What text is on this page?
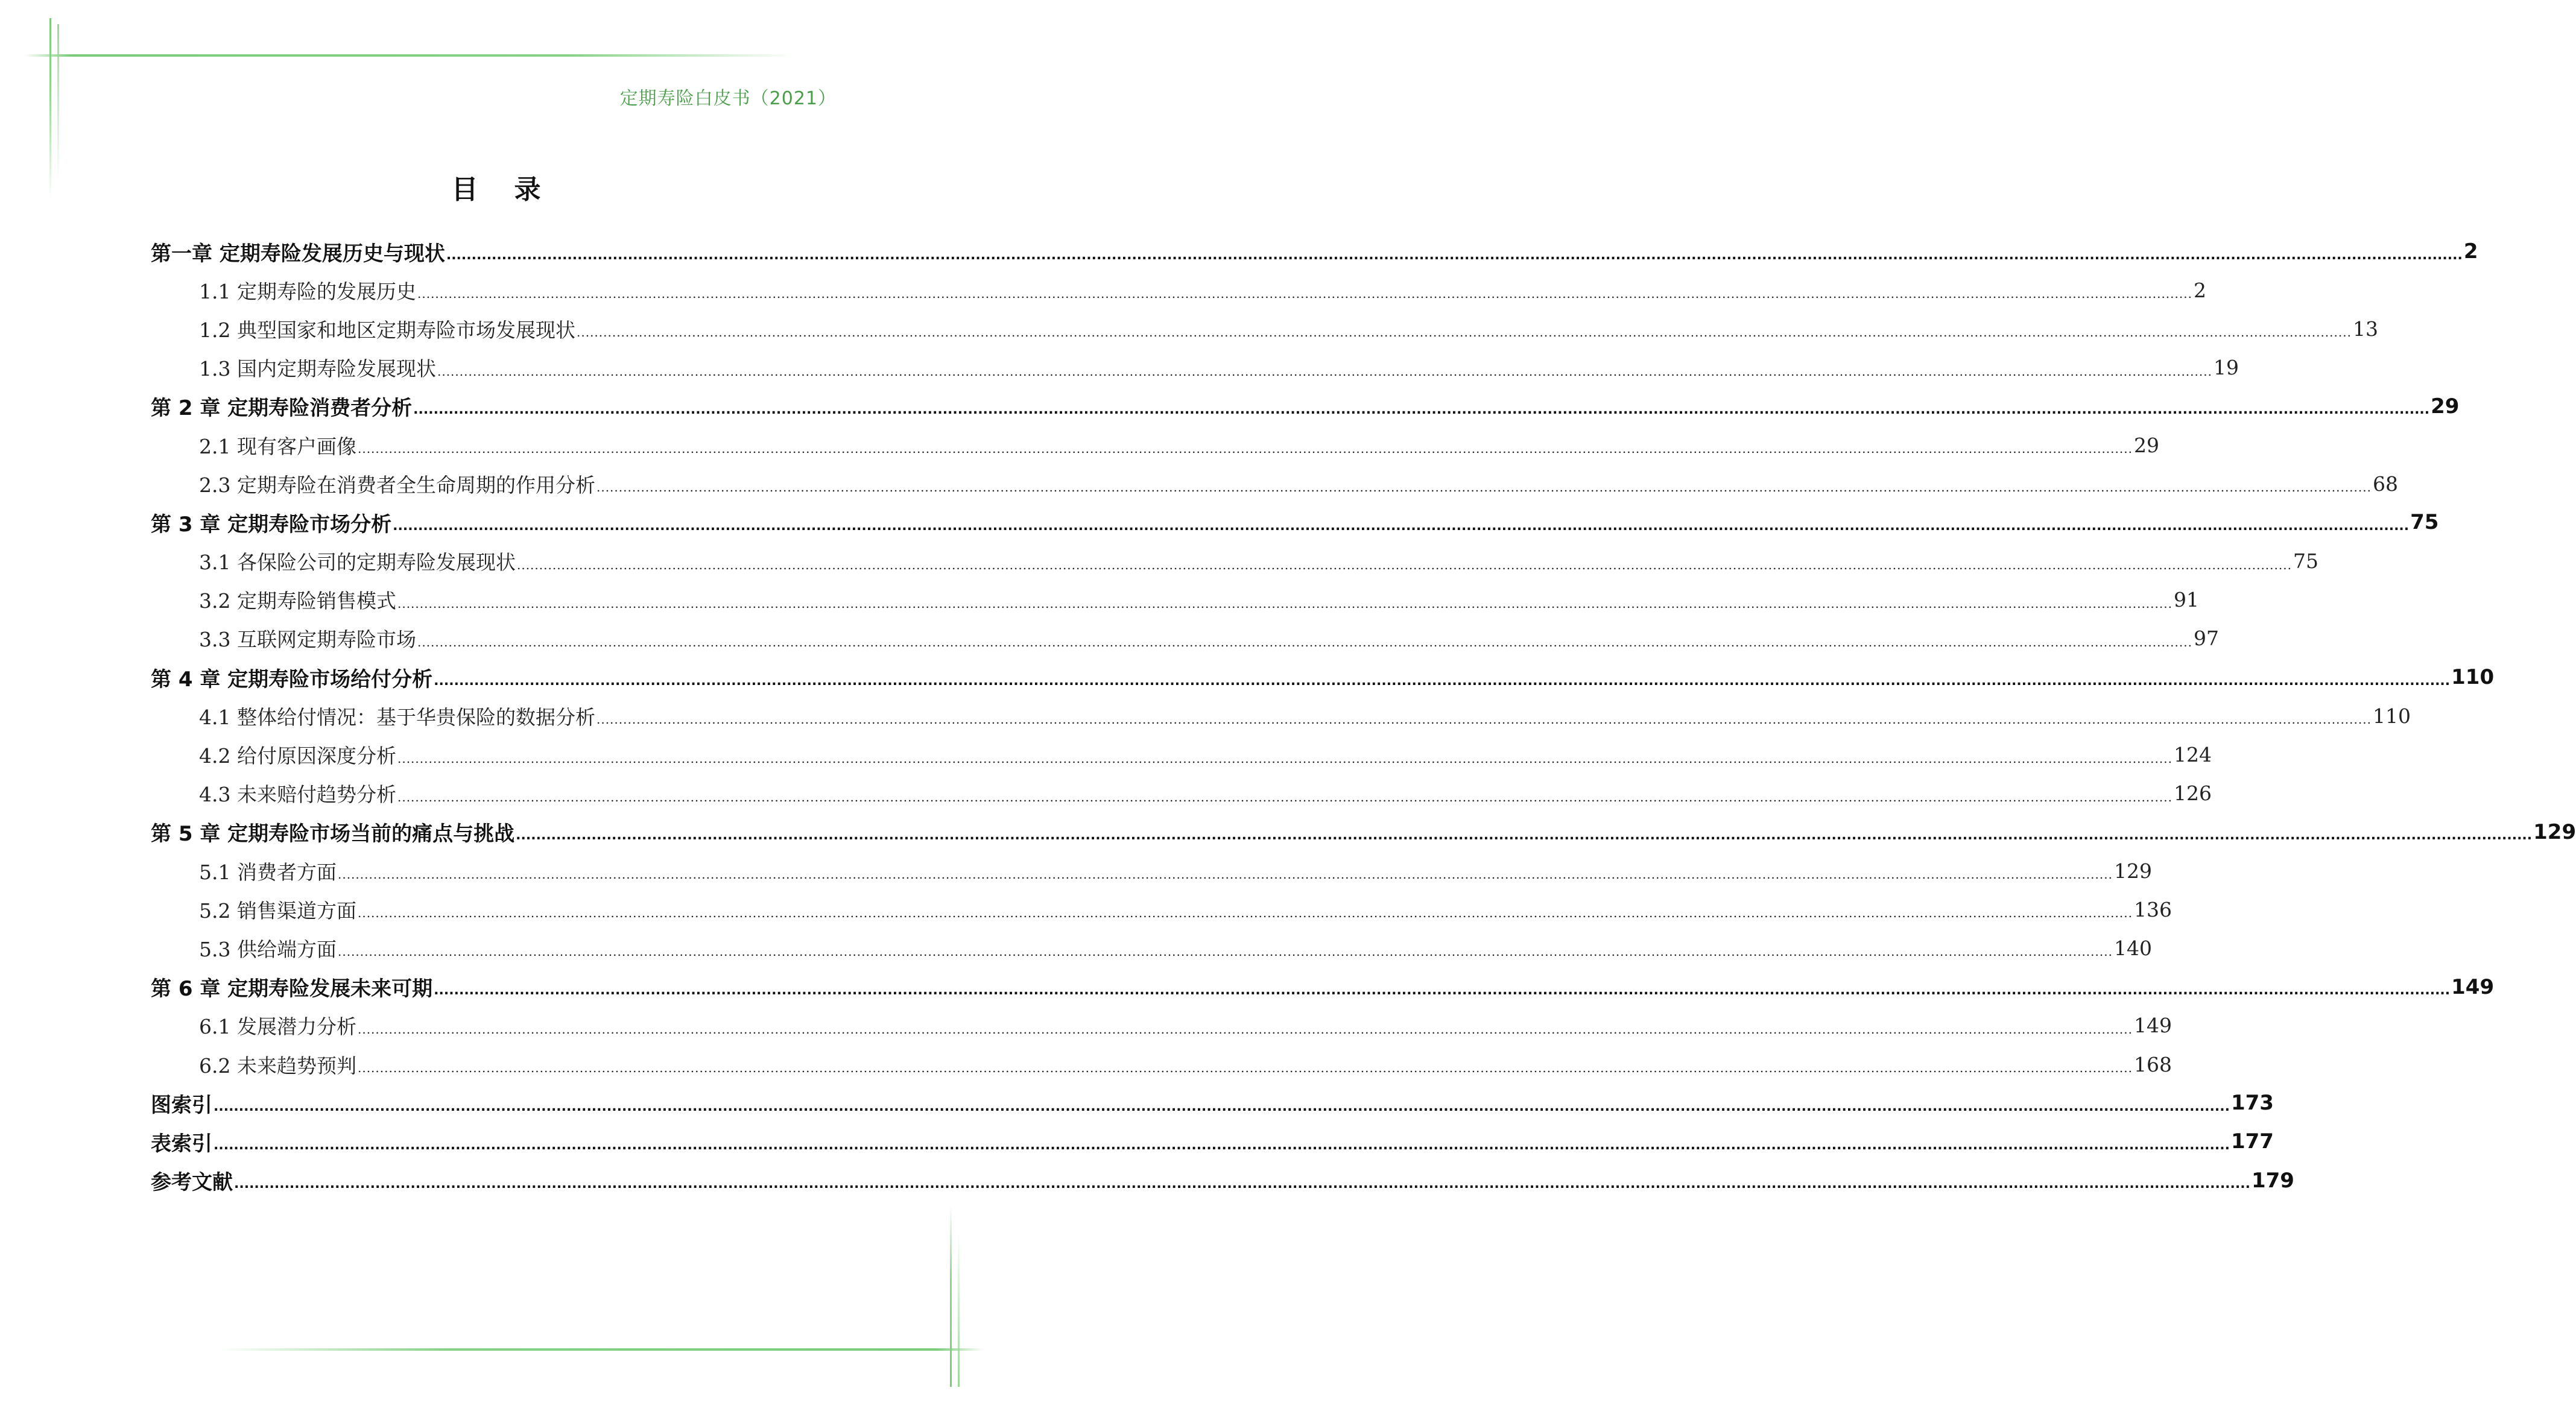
定期寿险白皮书（2021）
目录
第一章 定期寿险发展历史与现状 ................................................................................................................................................................................................................................................................................................................................................................................................................ 2
1.1 定期寿险的发展历史 ................................................................................................................................................................................................................................................................................................................................................................................................................ 2
1.2 典型国家和地区定期寿险市场发展现状 ................................................................................................................................................................................................................................................................................................................................................................................................................ 13
1.3 国内定期寿险发展现状 ................................................................................................................................................................................................................................................................................................................................................................................................................ 19
第 2 章 定期寿险消费者分析 ................................................................................................................................................................................................................................................................................................................................................................................................................ 29
2.1 现有客户画像 ................................................................................................................................................................................................................................................................................................................................................................................................................ 29
2.3 定期寿险在消费者全生命周期的作用分析 ................................................................................................................................................................................................................................................................................................................................................................................................................ 68
第 3 章 定期寿险市场分析 ................................................................................................................................................................................................................................................................................................................................................................................................................ 75
3.1 各保险公司的定期寿险发展现状 ................................................................................................................................................................................................................................................................................................................................................................................................................ 75
3.2 定期寿险销售模式 ................................................................................................................................................................................................................................................................................................................................................................................................................ 91
3.3 互联网定期寿险市场 ................................................................................................................................................................................................................................................................................................................................................................................................................ 97
第 4 章 定期寿险市场给付分析 ................................................................................................................................................................................................................................................................................................................................................................................................................ 110
4.1 整体给付情况：基于华贵保险的数据分析 ................................................................................................................................................................................................................................................................................................................................................................................................................ 110
4.2 给付原因深度分析 ................................................................................................................................................................................................................................................................................................................................................................................................................ 124
4.3 未来赔付趋势分析 ................................................................................................................................................................................................................................................................................................................................................................................................................ 126
第 5 章 定期寿险市场当前的痛点与挑战 ................................................................................................................................................................................................................................................................................................................................................................................................................ 129
5.1 消费者方面 ................................................................................................................................................................................................................................................................................................................................................................................................................ 129
5.2 销售渠道方面 ................................................................................................................................................................................................................................................................................................................................................................................................................ 136
5.3 供给端方面 ................................................................................................................................................................................................................................................................................................................................................................................................................ 140
第 6 章 定期寿险发展未来可期 ................................................................................................................................................................................................................................................................................................................................................................................................................ 149
6.1 发展潜力分析 ................................................................................................................................................................................................................................................................................................................................................................................................................ 149
6.2 未来趋势预判 ................................................................................................................................................................................................................................................................................................................................................................................................................ 168
图索引 ................................................................................................................................................................................................................................................................................................................................................................................................................ 173
表索引 ................................................................................................................................................................................................................................................................................................................................................................................................................ 177
参考文献 ................................................................................................................................................................................................................................................................................................................................................................................................................ 179
